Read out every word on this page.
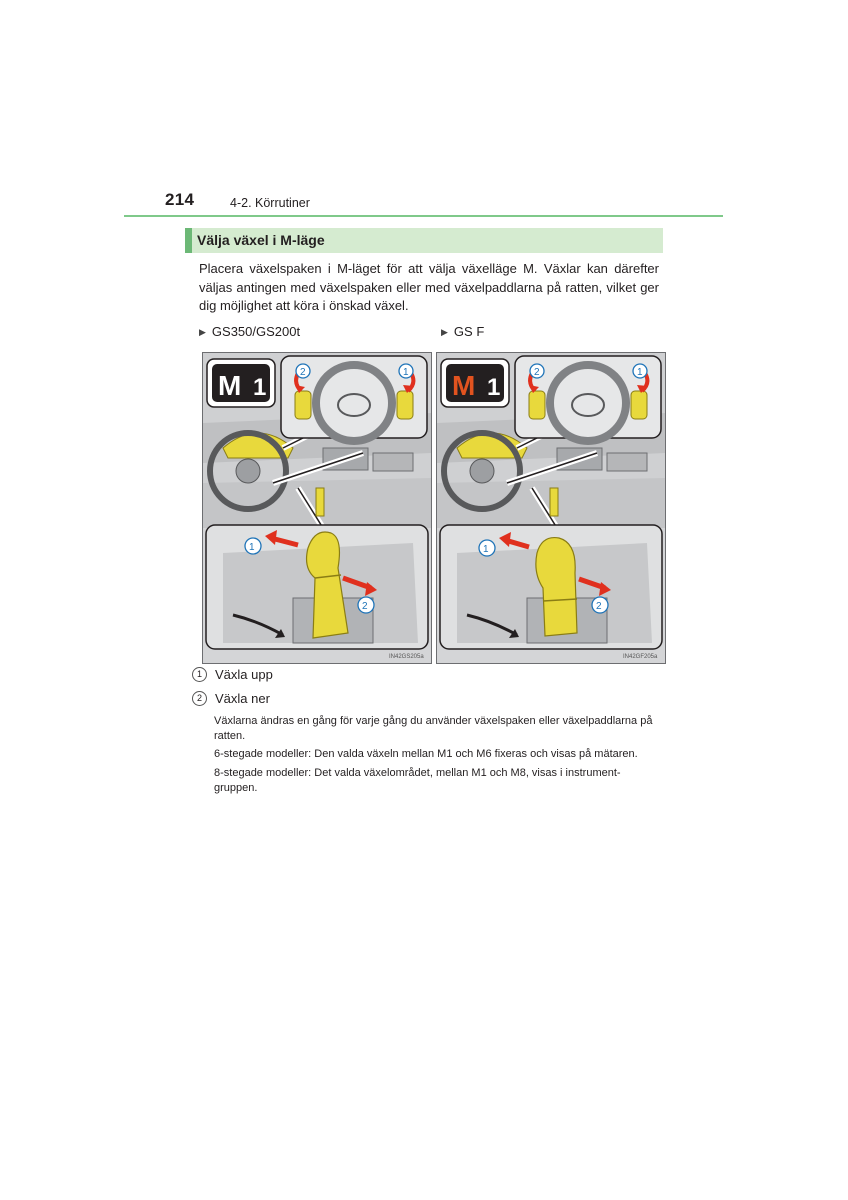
214	4-2. Körrutiner
Välja växel i M-läge

Placera växelspaken i M-läget för att välja växelläge M. Växlar kan därefter väljas antingen med växelspaken eller med växelpaddlarna på ratten, vilket ger dig möjlighet att köra i önskad växel.

▶ GS350/GS200t	▶ GS F
M 1
2	1
1
2
IN42GS205a
M 1
2	1
1
2
IN42GF205a
1	Växla upp
2	Växla ner

Växlarna ändras en gång för varje gång du använder växelspaken eller växelpaddlarna på ratten.

6-stegade modeller: Den valda växeln mellan M1 och M6 fixeras och visas på mätaren.

8-stegade modeller: Det valda växelområdet, mellan M1 och M8, visas i instrument-gruppen.
